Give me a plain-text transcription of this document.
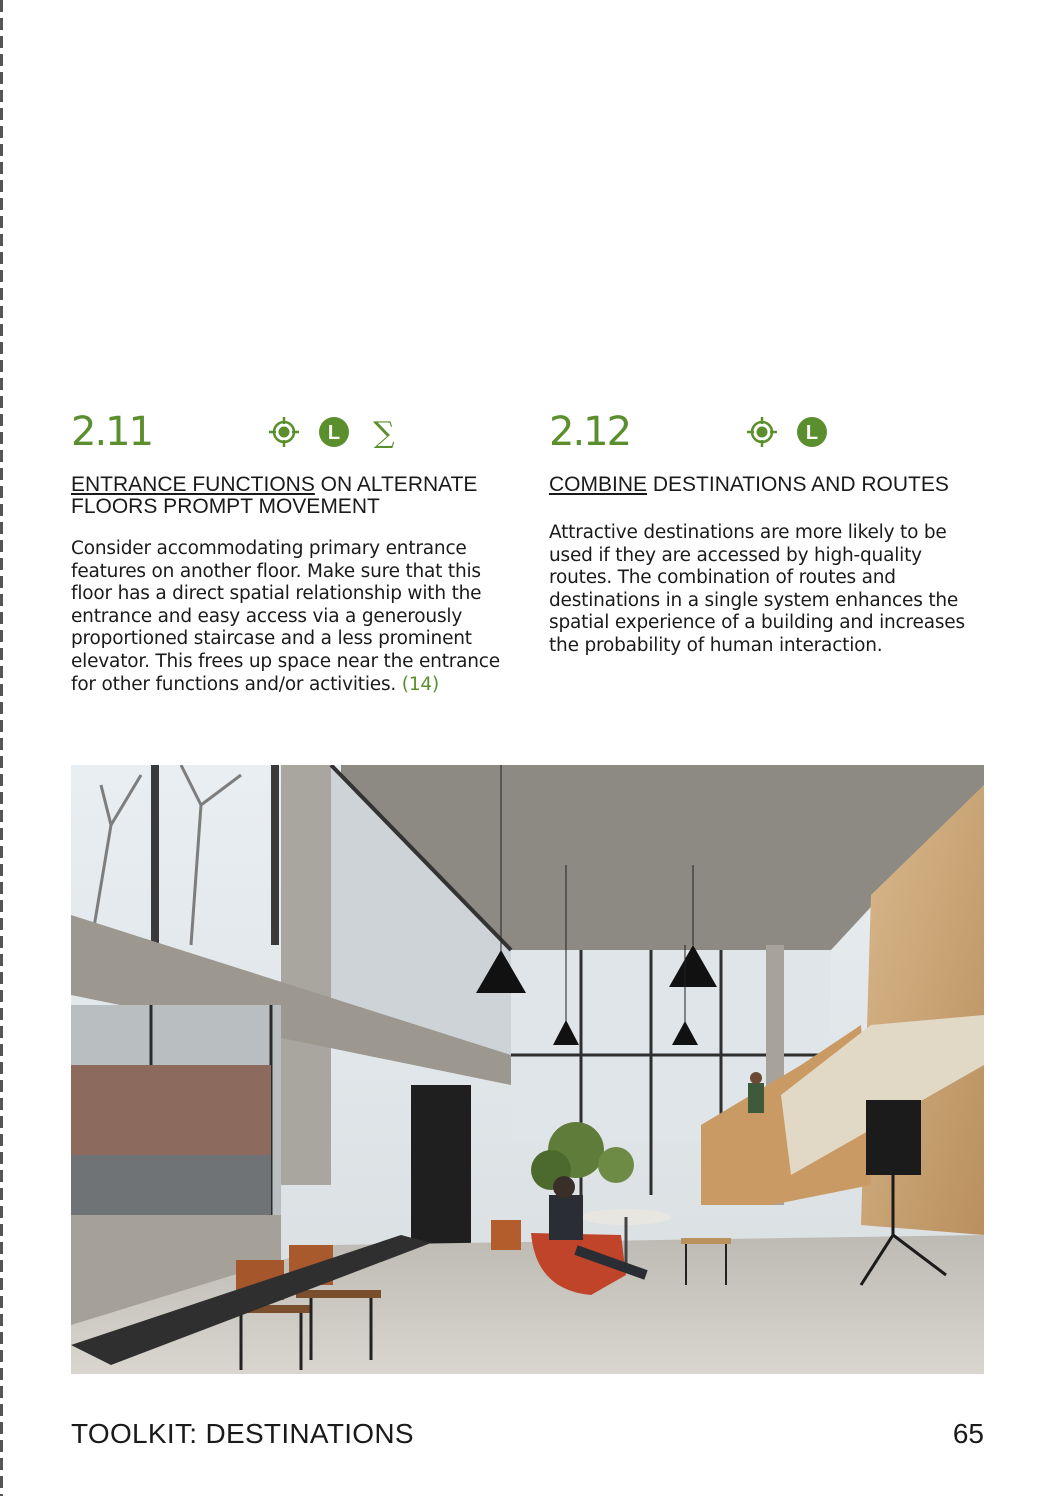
2.11	L ∑
ENTRANCE FUNCTIONS ON ALTERNATE FLOORS PROMPT MOVEMENT
Consider accommodating primary entrance features on another floor. Make sure that this floor has a direct spatial relationship with the entrance and easy access via a generously proportioned staircase and a less prominent elevator. This frees up space near the entrance for other functions and/or activities. (14)
2.12	L
COMBINE DESTINATIONS AND ROUTES
Attractive destinations are more likely to be used if they are accessed by high-quality routes. The combination of routes and destinations in a single system enhances the spatial experience of a building and increases the probability of human interaction.
TOOLKIT: DESTINATIONS	65
